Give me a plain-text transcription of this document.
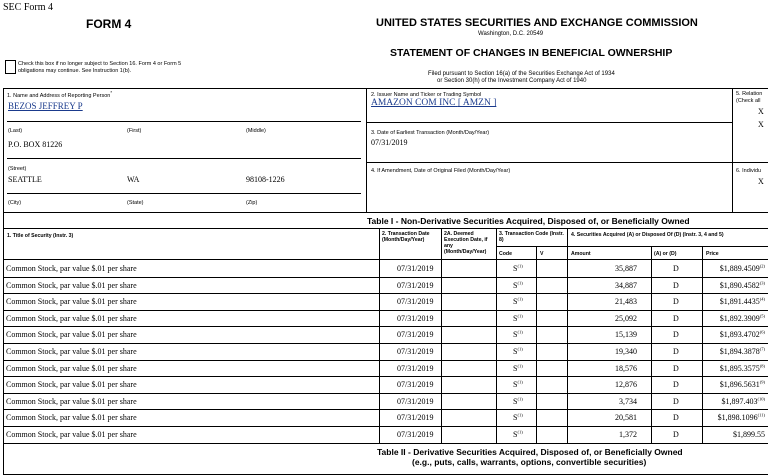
SEC Form 4
FORM 4	UNITED STATES SECURITIES AND EXCHANGE COMMISSION
Washington, D.C. 20549
STATEMENT OF CHANGES IN BENEFICIAL OWNERSHIP
Filed pursuant to Section 16(a) of the Securities Exchange Act of 1934
or Section 30(h) of the Investment Company Act of 1940
Check this box if no longer subject to Section 16. Form 4 or Form 5
obligations may continue. See Instruction 1(b).
1. Name and Address of Reporting Person*
BEZOS JEFFREY P
(Last)	(First)	(Middle)
P.O. BOX 81226
(Street)
SEATTLE	WA	98108-1226
(City)	(State)	(Zip)
2. Issuer Name and Ticker or Trading Symbol
AMAZON COM INC [ AMZN ]
3. Date of Earliest Transaction (Month/Day/Year)
07/31/2019
4. If Amendment, Date of Original Filed (Month/Day/Year)
5. Relation
(Check all
X
X
6. Individu
X
Table I - Non-Derivative Securities Acquired, Disposed of, or Beneficially Owned
1. Title of Security (Instr. 3)	2. Transaction Date (Month/Day/Year)
2A. Deemed Execution Date, if any (Month/Day/Year)
3. Transaction Code (Instr. 8)
Code	V
4. Securities Acquired (A) or Disposed Of (D) (Instr. 3, 4 and 5)
Amount	(A) or (D)	Price
Common Stock, par value $.01 per share	07/31/2019	$S^{(1)}$	35,887	D	$1,889.4509$^{(2)}$
Common Stock, par value $.01 per share	07/31/2019	$S^{(1)}$	34,887	D	$1,890.4582$^{(3)}$
Common Stock, par value $.01 per share	07/31/2019	$S^{(1)}$	21,483	D	$1,891.4435$^{(4)}$
Common Stock, par value $.01 per share	07/31/2019	$S^{(1)}$	25,092	D	$1,892.3909$^{(5)}$
Common Stock, par value $.01 per share	07/31/2019	$S^{(1)}$	15,139	D	$1,893.4702$^{(6)}$
Common Stock, par value $.01 per share	07/31/2019	$S^{(1)}$	19,340	D	$1,894.3878$^{(7)}$
Common Stock, par value $.01 per share	07/31/2019	$S^{(1)}$	18,576	D	$1,895.3575$^{(8)}$
Common Stock, par value $.01 per share	07/31/2019	$S^{(1)}$	12,876	D	$1,896.5631$^{(9)}$
Common Stock, par value $.01 per share	07/31/2019	$S^{(1)}$	3,734	D	$1,897.403$^{(10)}$
Common Stock, par value $.01 per share	07/31/2019	$S^{(1)}$	20,581	D	$1,898.1096$^{(11)}$
Common Stock, par value $.01 per share	07/31/2019	$S^{(1)}$	1,372	D	$1,899.55
Table II - Derivative Securities Acquired, Disposed of, or Beneficially Owned
(e.g., puts, calls, warrants, options, convertible securities)
